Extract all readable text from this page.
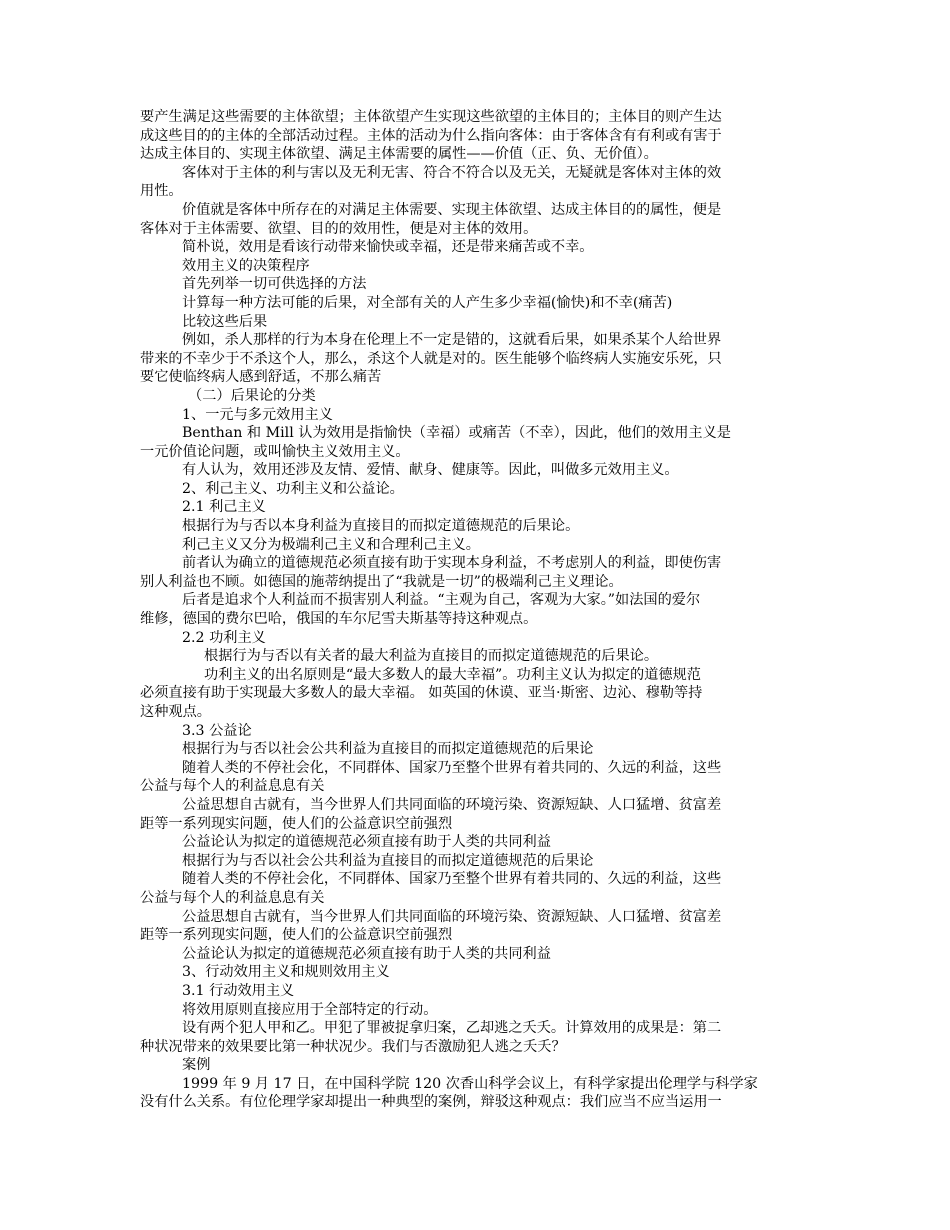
要产生满足这些需要的主体欲望；主体欲望产生实现这些欲望的主体目的；主体目的则产生达
成这些目的的主体的全部活动过程。主体的活动为什么指向客体：由于客体含有有利或有害于
达成主体目的、实现主体欲望、满足主体需要的属性——价值（正、负、无价值）。
客体对于主体的利与害以及无利无害、符合不符合以及无关，无疑就是客体对主体的效
用性。
价值就是客体中所存在的对满足主体需要、实现主体欲望、达成主体目的的属性，便是
客体对于主体需要、欲望、目的的效用性，便是对主体的效用。
简朴说，效用是看该行动带来愉快或幸福，还是带来痛苦或不幸。
效用主义的决策程序
首先列举一切可供选择的方法
计算每一种方法可能的后果，对全部有关的人产生多少幸福(愉快)和不幸(痛苦)
比较这些后果
例如，杀人那样的行为本身在伦理上不一定是错的，这就看后果，如果杀某个人给世界
带来的不幸少于不杀这个人，那么，杀这个人就是对的。医生能够个临终病人实施安乐死，只
要它使临终病人感到舒适，不那么痛苦
（二）后果论的分类
1、一元与多元效用主义
Benthan 和 Mill 认为效用是指愉快（幸福）或痛苦（不幸），因此，他们的效用主义是
一元价值论问题，或叫愉快主义效用主义。
有人认为，效用还涉及友情、爱情、献身、健康等。因此，叫做多元效用主义。
2、利己主义、功利主义和公益论。
2.1 利己主义
根据行为与否以本身利益为直接目的而拟定道德规范的后果论。
利己主义又分为极端利己主义和合理利己主义。
前者认为确立的道德规范必须直接有助于实现本身利益，不考虑别人的利益，即使伤害
别人利益也不顾。如德国的施蒂纳提出了“我就是一切”的极端利己主义理论。
后者是追求个人利益而不损害别人利益。“主观为自己，客观为大家。”如法国的爱尔
维修，德国的费尔巴哈，俄国的车尔尼雪夫斯基等持这种观点。
2.2 功利主义
根据行为与否以有关者的最大利益为直接目的而拟定道德规范的后果论。
功利主义的出名原则是“最大多数人的最大幸福”。功利主义认为拟定的道德规范
必须直接有助于实现最大多数人的最大幸福。 如英国的休谟、亚当·斯密、边沁、穆勒等持
这种观点。
3.3 公益论
根据行为与否以社会公共利益为直接目的而拟定道德规范的后果论
随着人类的不停社会化，不同群体、国家乃至整个世界有着共同的、久远的利益，这些
公益与每个人的利益息息有关
公益思想自古就有，当今世界人们共同面临的环境污染、资源短缺、人口猛增、贫富差
距等一系列现实问题，使人们的公益意识空前强烈
公益论认为拟定的道德规范必须直接有助于人类的共同利益
根据行为与否以社会公共利益为直接目的而拟定道德规范的后果论
随着人类的不停社会化，不同群体、国家乃至整个世界有着共同的、久远的利益，这些
公益与每个人的利益息息有关
公益思想自古就有，当今世界人们共同面临的环境污染、资源短缺、人口猛增、贫富差
距等一系列现实问题，使人们的公益意识空前强烈
公益论认为拟定的道德规范必须直接有助于人类的共同利益
3、行动效用主义和规则效用主义
3.1 行动效用主义
将效用原则直接应用于全部特定的行动。
设有两个犯人甲和乙。甲犯了罪被捉拿归案，乙却逃之夭夭。计算效用的成果是：第二
种状况带来的效果要比第一种状况少。我们与否激励犯人逃之夭夭？
案例
1999 年 9 月 17 日，在中国科学院 120 次香山科学会议上，有科学家提出伦理学与科学家
没有什么关系。有位伦理学家却提出一种典型的案例，辩驳这种观点：我们应当不应当运用一
